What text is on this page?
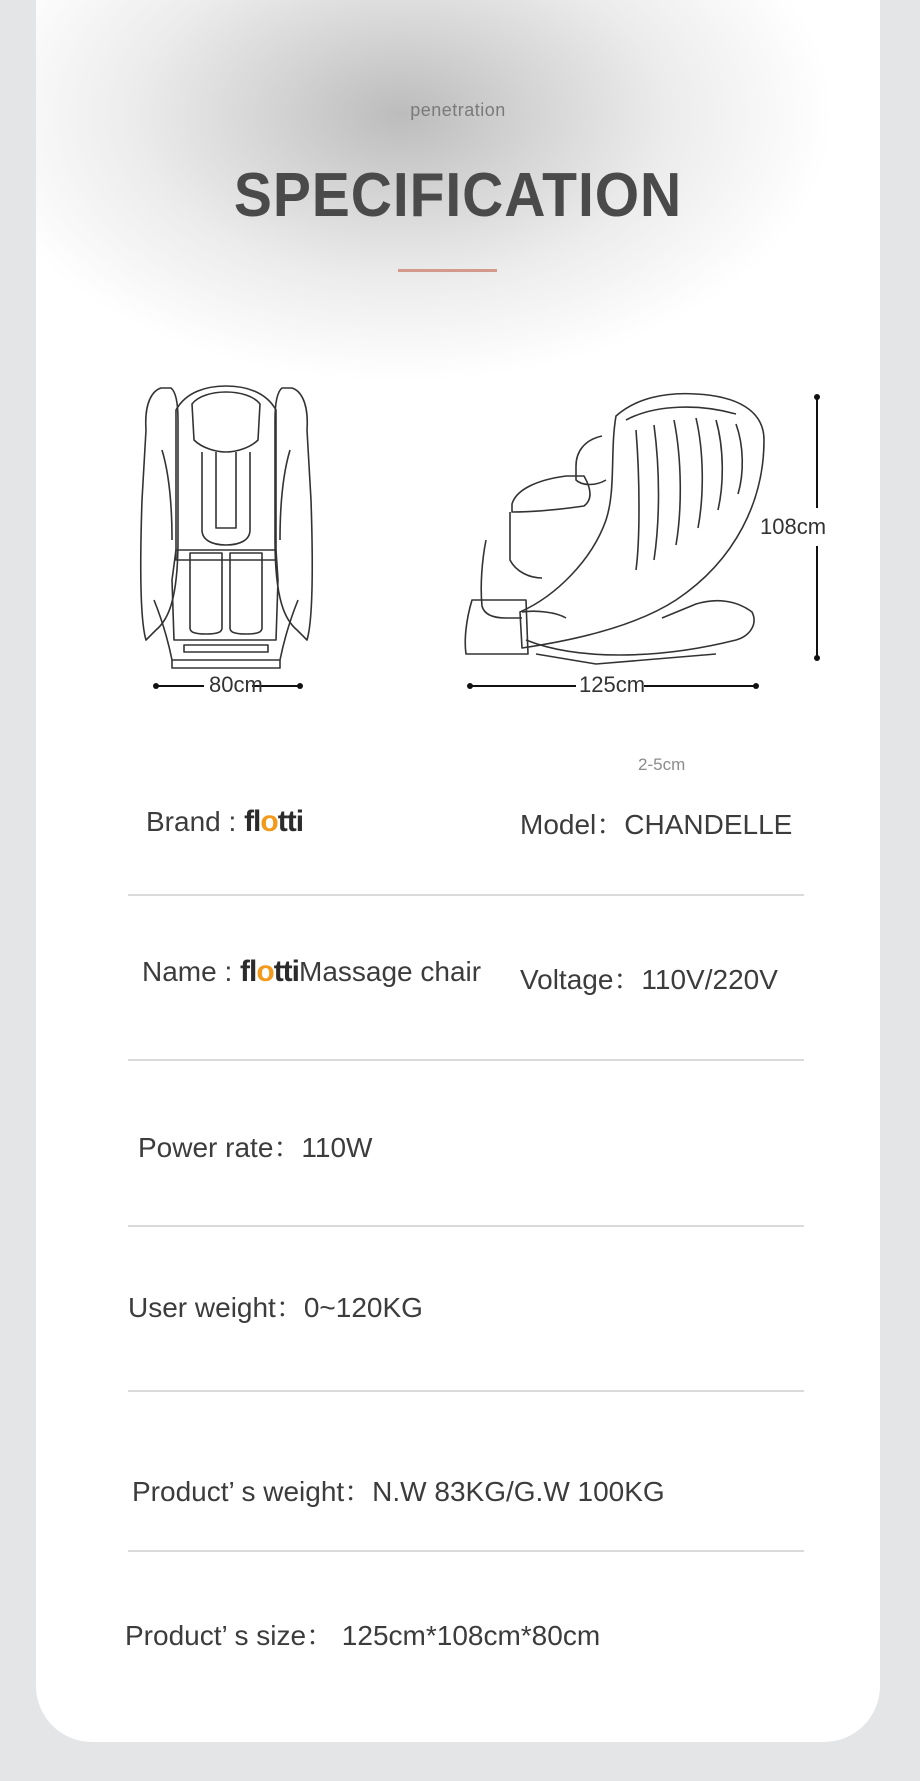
penetration
SPECIFICATION
80cm	125cm
108cm
2-5cm
Brand : flotti	Model：CHANDELLE
Name : flottiMassage chair Voltage：110V/220V
Power rate：110W
User weight：0~120KG
Product’ s weight：N.W 83KG/G.W 100KG
Product’ s size： 125cm*108cm*80cm
